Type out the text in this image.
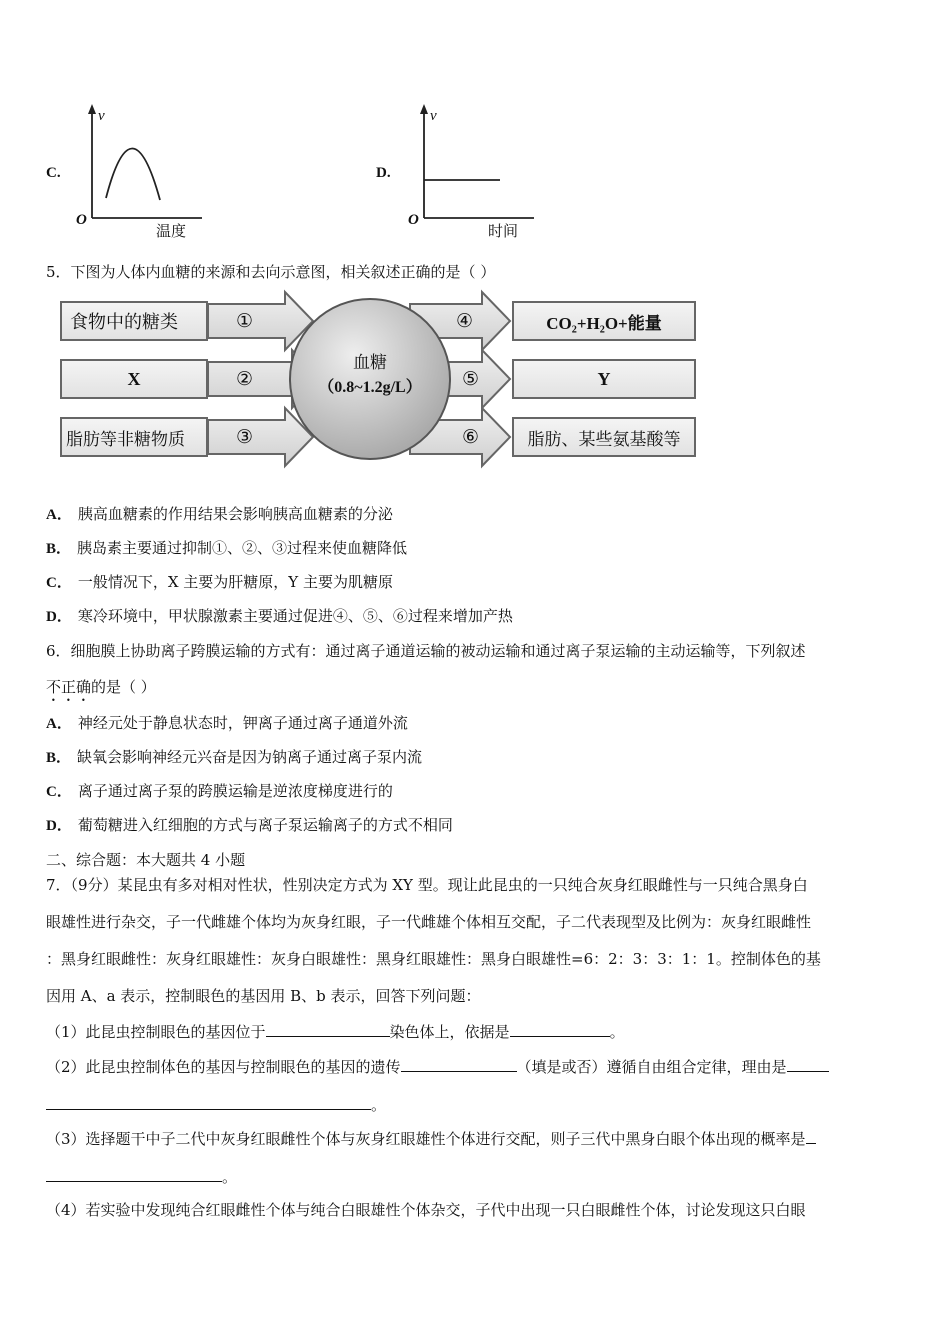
C.
v
O
温度
D.
v
O
时间
5．下图为人体内血糖的来源和去向示意图，相关叙述正确的是（ ）
食物中的糖类
X
脂肪等非糖物质
①
②
③
血糖
（0.8~1.2g/L）
④
⑤
⑥
CO₂+H₂O+能量
Y
脂肪、某些氨基酸等
A． 胰高血糖素的作用结果会影响胰高血糖素的分泌
B． 胰岛素主要通过抑制①、②、③过程来使血糖降低
C． 一般情况下，X 主要为肝糖原，Y 主要为肌糖原
D． 寒冷环境中，甲状腺激素主要通过促进④、⑤、⑥过程来增加产热
6．细胞膜上协助离子跨膜运输的方式有：通过离子通道运输的被动运输和通过离子泵运输的主动运输等，下列叙述
不正确的是（ ）
A． 神经元处于静息状态时，钾离子通过离子通道外流
B． 缺氧会影响神经元兴奋是因为钠离子通过离子泵内流
C． 离子通过离子泵的跨膜运输是逆浓度梯度进行的
D． 葡萄糖进入红细胞的方式与离子泵运输离子的方式不相同
二、综合题：本大题共 4 小题
7．（9分）某昆虫有多对相对性状，性别决定方式为 XY 型。现让此昆虫的一只纯合灰身红眼雌性与一只纯合黑身白
眼雄性进行杂交，子一代雌雄个体均为灰身红眼，子一代雌雄个体相互交配，子二代表现型及比例为：灰身红眼雌性
：黑身红眼雌性：灰身红眼雄性：灰身白眼雄性：黑身红眼雄性：黑身白眼雄性=6：2：3：3：1：1。控制体色的基
因用 A、a 表示，控制眼色的基因用 B、b 表示，回答下列问题：
（1）此昆虫控制眼色的基因位于	染色体上，依据是	。
（2）此昆虫控制体色的基因与控制眼色的基因的遗传	（填是或否）遵循自由组合定律，理由是
。
（3）选择题干中子二代中灰身红眼雌性个体与灰身红眼雄性个体进行交配，则子三代中黑身白眼个体出现的概率是
。
（4）若实验中发现纯合红眼雌性个体与纯合白眼雄性个体杂交，子代中出现一只白眼雌性个体，讨论发现这只白眼
